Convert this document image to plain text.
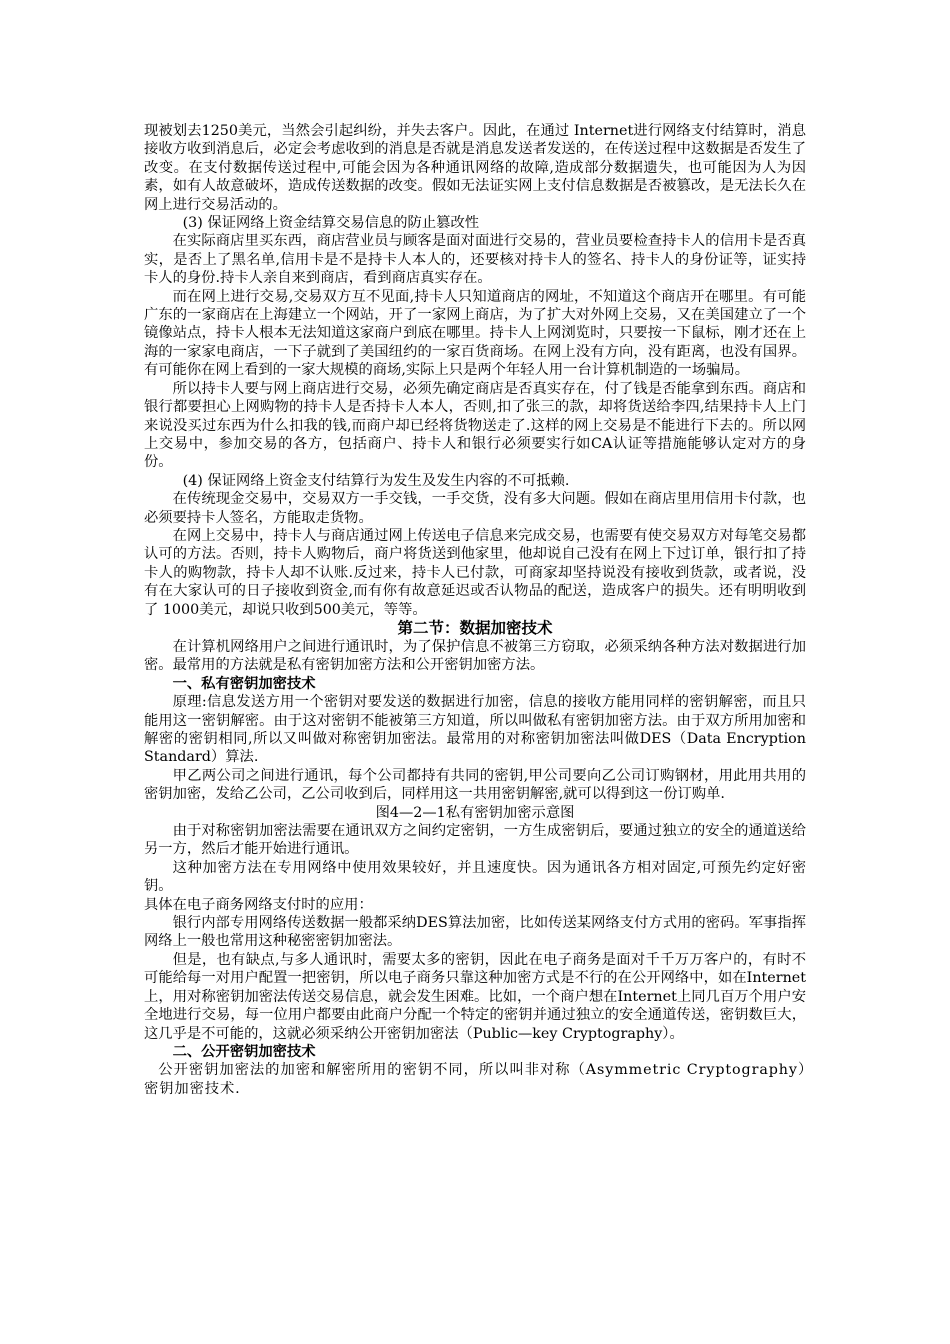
现被划去1250美元，当然会引起纠纷，并失去客户。因此，在通过 Internet进行网络支付结算时，消息接收方收到消息后，必定会考虑收到的消息是否就是消息发送者发送的，在传送过程中这数据是否发生了改变。在支付数据传送过程中,可能会因为各种通讯网络的故障,造成部分数据遗失，也可能因为人为因素，如有人故意破坏，造成传送数据的改变。假如无法证实网上支付信息数据是否被篡改，是无法长久在网上进行交易活动的。

(3) 保证网络上资金结算交易信息的防止篡改性

在实际商店里买东西，商店营业员与顾客是面对面进行交易的，营业员要检查持卡人的信用卡是否真实，是否上了黑名单,信用卡是不是持卡人本人的，还要核对持卡人的签名、持卡人的身份证等，证实持卡人的身份.持卡人亲自来到商店，看到商店真实存在。

而在网上进行交易,交易双方互不见面,持卡人只知道商店的网址，不知道这个商店开在哪里。有可能广东的一家商店在上海建立一个网站，开了一家网上商店，为了扩大对外网上交易，又在美国建立了一个镜像站点，持卡人根本无法知道这家商户到底在哪里。持卡人上网浏览时，只要按一下鼠标，刚才还在上海的一家家电商店，一下子就到了美国纽约的一家百货商场。在网上没有方向，没有距离，也没有国界。有可能你在网上看到的一家大规模的商场,实际上只是两个年轻人用一台计算机制造的一场骗局。

所以持卡人要与网上商店进行交易，必须先确定商店是否真实存在，付了钱是否能拿到东西。商店和银行都要担心上网购物的持卡人是否持卡人本人，否则,扣了张三的款，却将货送给李四,结果持卡人上门来说没买过东西为什么扣我的钱,而商户却已经将货物送走了.这样的网上交易是不能进行下去的。所以网上交易中，参加交易的各方，包括商户、持卡人和银行必须要实行如CA认证等措施能够认定对方的身份。

(4) 保证网络上资金支付结算行为发生及发生内容的不可抵赖.

在传统现金交易中，交易双方一手交钱，一手交货，没有多大问题。假如在商店里用信用卡付款，也必须要持卡人签名，方能取走货物。

在网上交易中，持卡人与商店通过网上传送电子信息来完成交易，也需要有使交易双方对每笔交易都认可的方法。否则，持卡人购物后，商户将货送到他家里，他却说自己没有在网上下过订单，银行扣了持卡人的购物款，持卡人却不认账.反过来，持卡人已付款，可商家却坚持说没有接收到货款，或者说，没有在大家认可的日子接收到资金,而有你有故意延迟或否认物品的配送，造成客户的损失。还有明明收到了 1000美元，却说只收到500美元，等等。

第二节：数据加密技术

在计算机网络用户之间进行通讯时，为了保护信息不被第三方窃取，必须采纳各种方法对数据进行加密。最常用的方法就是私有密钥加密方法和公开密钥加密方法。

一、私有密钥加密技术

原理:信息发送方用一个密钥对要发送的数据进行加密，信息的接收方能用同样的密钥解密，而且只能用这一密钥解密。由于这对密钥不能被第三方知道，所以叫做私有密钥加密方法。由于双方所用加密和解密的密钥相同,所以又叫做对称密钥加密法。最常用的对称密钥加密法叫做DES（Data Encryption Standard）算法.

甲乙两公司之间进行通讯，每个公司都持有共同的密钥,甲公司要向乙公司订购钢材，用此用共用的密钥加密，发给乙公司，乙公司收到后，同样用这一共用密钥解密,就可以得到这一份订购单.

图4—2—1私有密钥加密示意图

由于对称密钥加密法需要在通讯双方之间约定密钥，一方生成密钥后，要通过独立的安全的通道送给另一方，然后才能开始进行通讯。

这种加密方法在专用网络中使用效果较好，并且速度快。因为通讯各方相对固定,可预先约定好密钥。

具体在电子商务网络支付时的应用：

银行内部专用网络传送数据一般都采纳DES算法加密，比如传送某网络支付方式用的密码。军事指挥网络上一般也常用这种秘密密钥加密法。

但是，也有缺点,与多人通讯时，需要太多的密钥，因此在电子商务是面对千千万万客户的，有时不可能给每一对用户配置一把密钥，所以电子商务只靠这种加密方式是不行的在公开网络中，如在Internet上，用对称密钥加密法传送交易信息，就会发生困难。比如，一个商户想在Internet上同几百万个用户安全地进行交易，每一位用户都要由此商户分配一个特定的密钥并通过独立的安全通道传送，密钥数巨大，这几乎是不可能的，这就必须采纳公开密钥加密法（Public—key Cryptography）。

二、公开密钥加密技术

公开密钥加密法的加密和解密所用的密钥不同，所以叫非对称（Asymmetric Cryptography）密钥加密技术.
